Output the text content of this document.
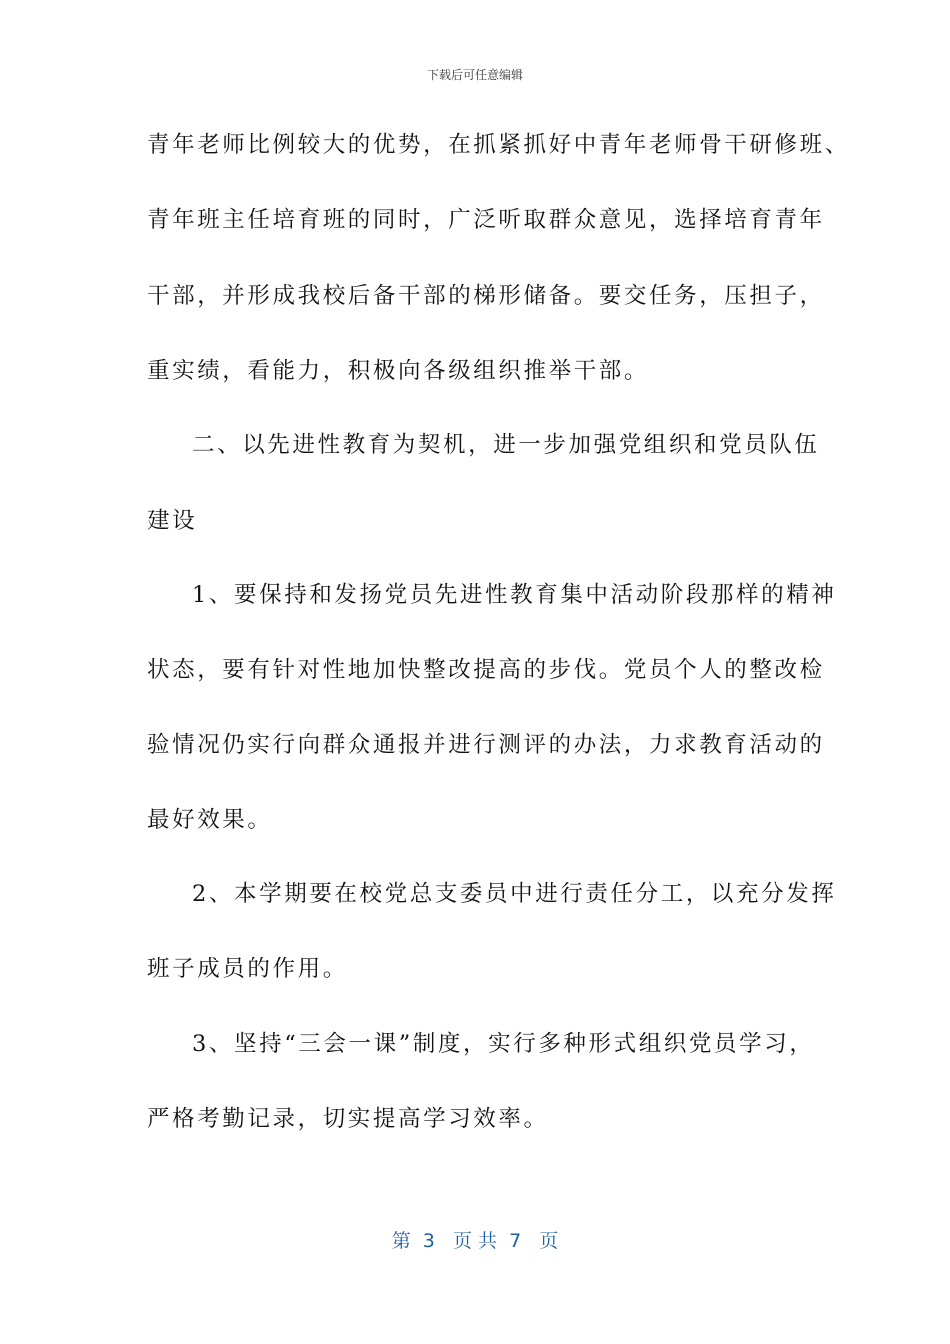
下载后可任意编辑
青年老师比例较大的优势，在抓紧抓好中青年老师骨干研修班、
青年班主任培育班的同时，广泛听取群众意见，选择培育青年
干部，并形成我校后备干部的梯形储备。要交任务，压担子，
重实绩，看能力，积极向各级组织推举干部。
二、以先进性教育为契机，进一步加强党组织和党员队伍
建设
1、要保持和发扬党员先进性教育集中活动阶段那样的精神
状态，要有针对性地加快整改提高的步伐。党员个人的整改检
验情况仍实行向群众通报并进行测评的办法，力求教育活动的
最好效果。
2、本学期要在校党总支委员中进行责任分工，以充分发挥
班子成员的作用。
3、坚持“三会一课”制度，实行多种形式组织党员学习，
严格考勤记录，切实提高学习效率。
第  3   页 共  7   页
